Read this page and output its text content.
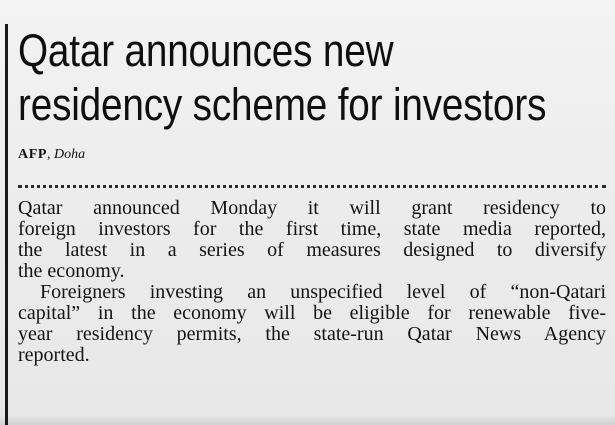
Qatar announces new
residency scheme for investors
AFP, Doha
Qatar announced Monday it will grant residency to
foreign investors for the first time, state media reported,
the latest in a series of measures designed to diversify
the economy.
Foreigners investing an unspecified level of “non-Qatari
capital” in the economy will be eligible for renewable five-
year residency permits, the state-run Qatar News Agency
reported.
